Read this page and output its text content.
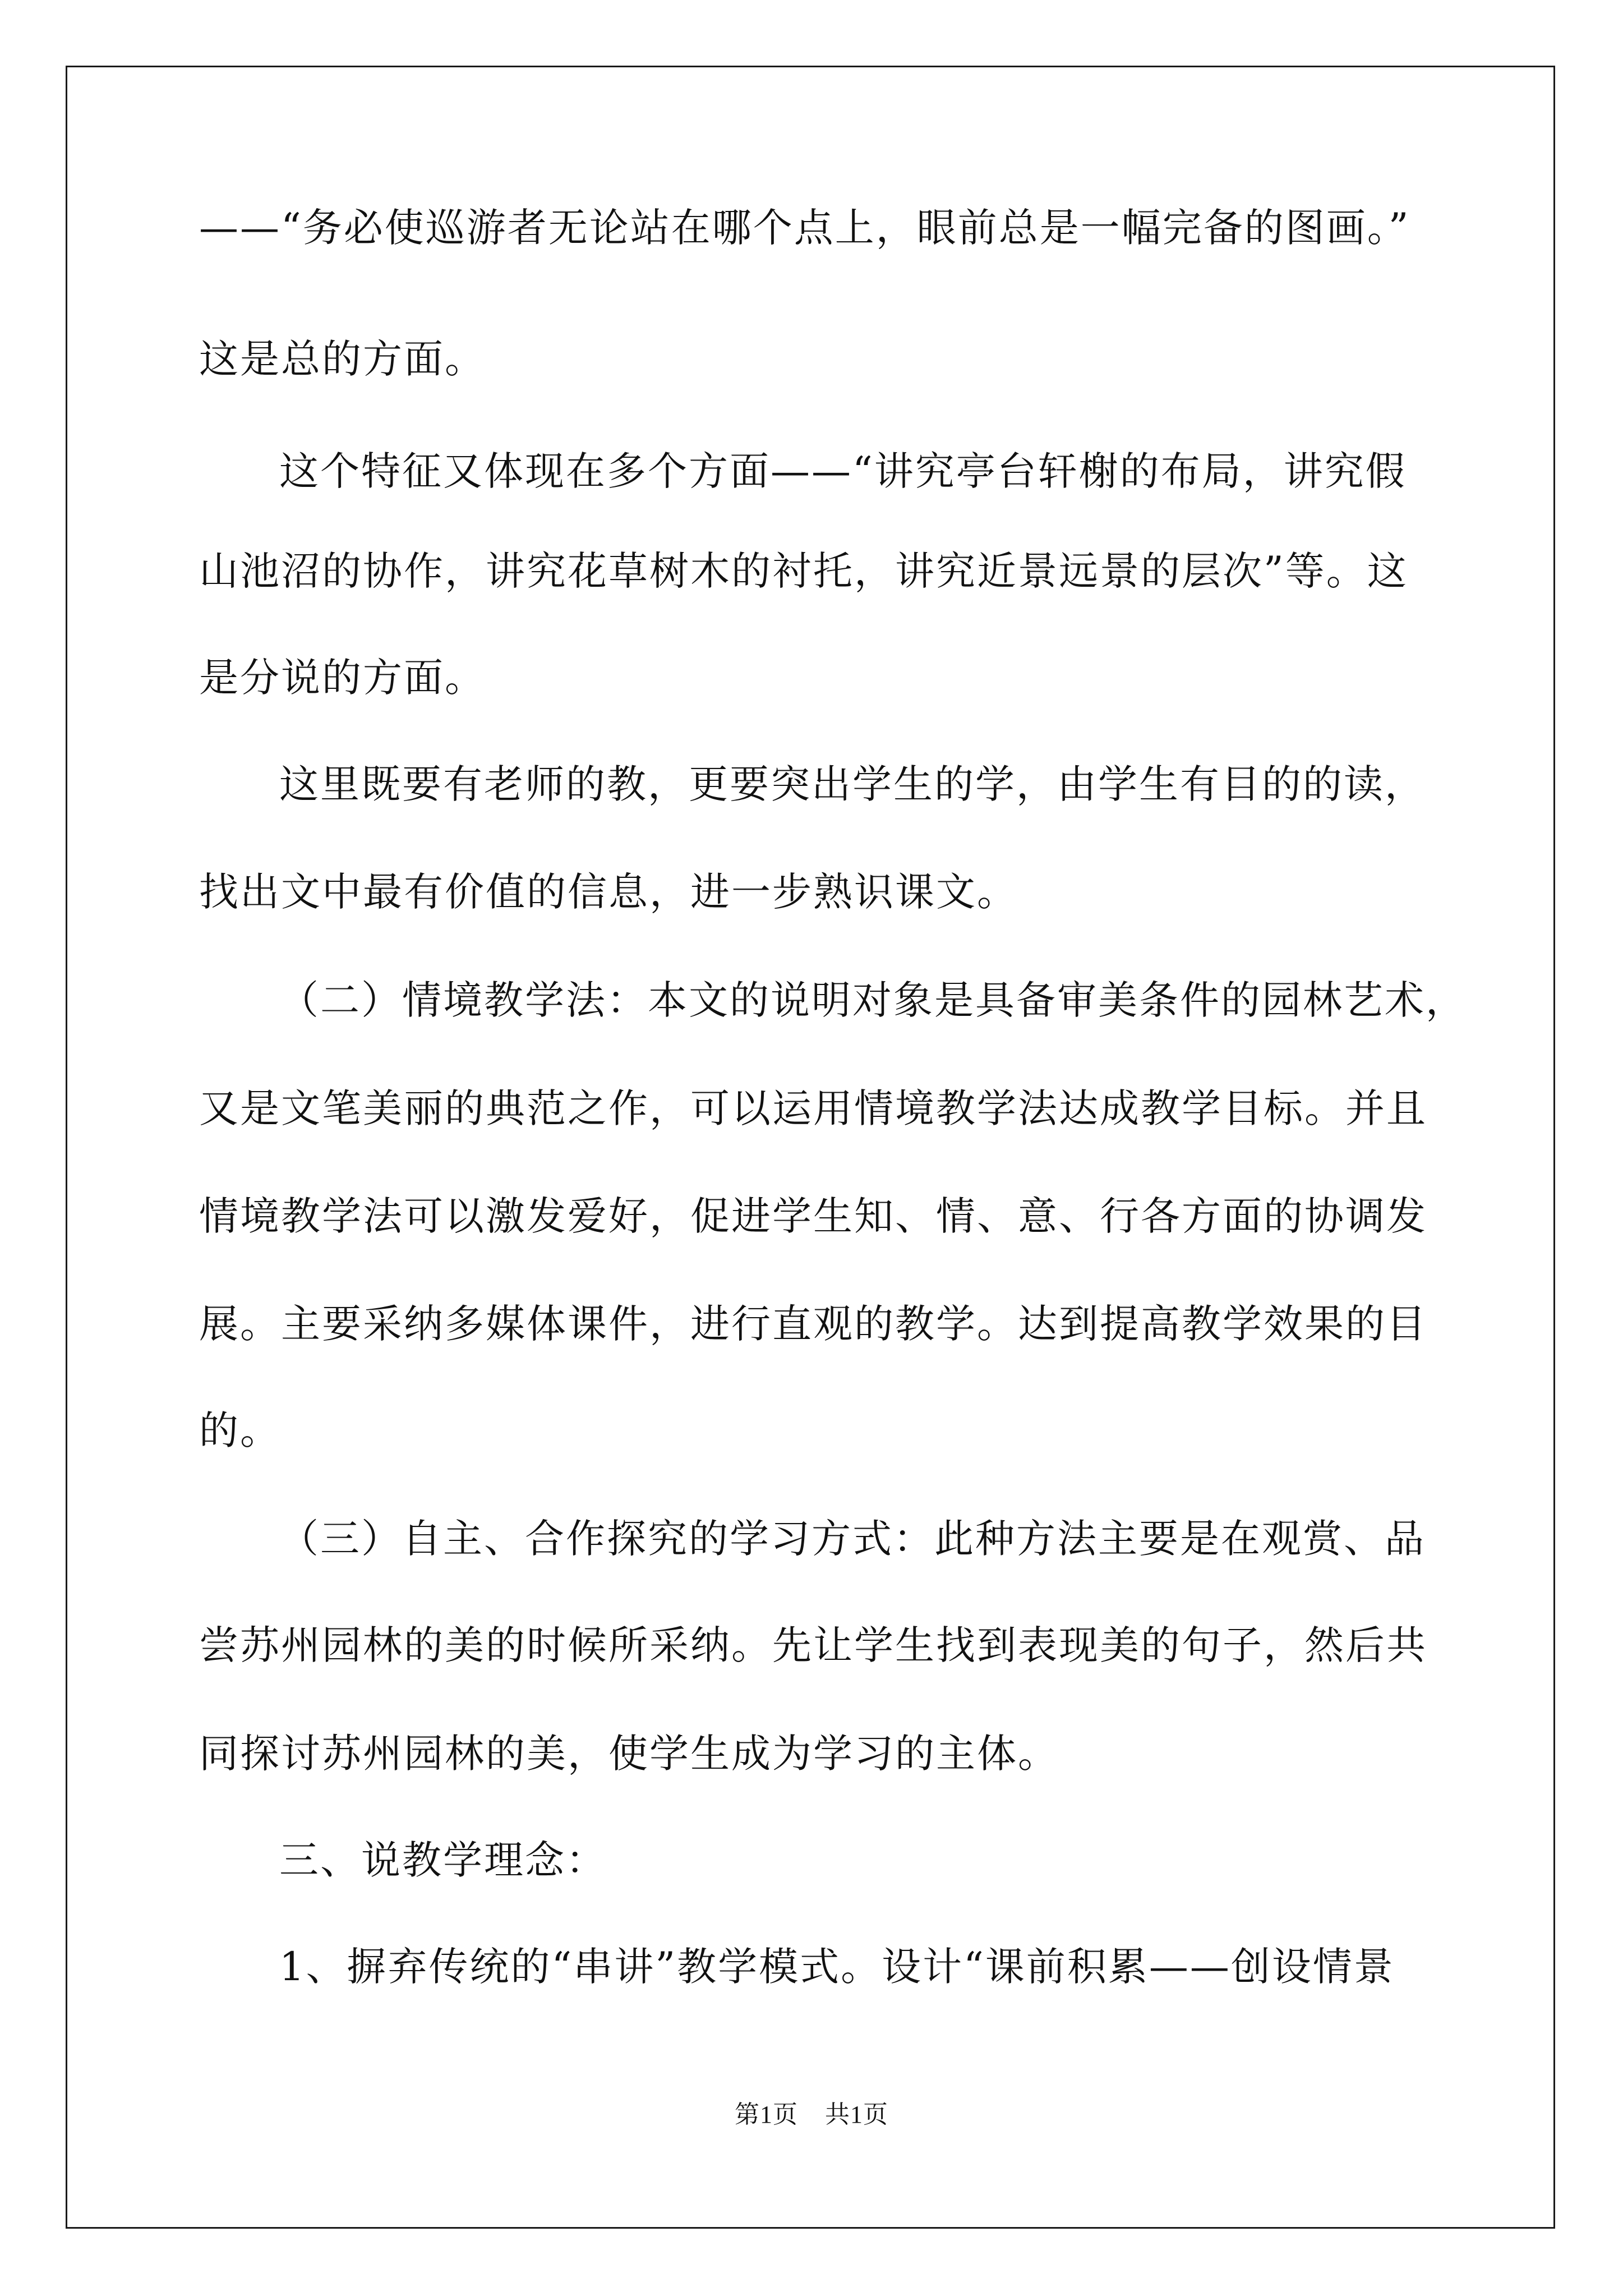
——“务必使巡游者无论站在哪个点上，眼前总是一幅完备的图画。”
这是总的方面。
这个特征又体现在多个方面——“讲究亭台轩榭的布局，讲究假
山池沼的协作，讲究花草树木的衬托，讲究近景远景的层次”等。这
是分说的方面。
这里既要有老师的教，更要突出学生的学，由学生有目的的读，
找出文中最有价值的信息，进一步熟识课文。
（二）情境教学法：本文的说明对象是具备审美条件的园林艺术，
又是文笔美丽的典范之作，可以运用情境教学法达成教学目标。并且
情境教学法可以激发爱好，促进学生知、情、意、行各方面的协调发
展。主要采纳多媒体课件，进行直观的教学。达到提高教学效果的目
的。
（三）自主、合作探究的学习方式：此种方法主要是在观赏、品
尝苏州园林的美的时候所采纳。先让学生找到表现美的句子，然后共
同探讨苏州园林的美，使学生成为学习的主体。
三、说教学理念：
1、摒弃传统的“串讲”教学模式。设计“课前积累——创设情景
第1页 共1页
